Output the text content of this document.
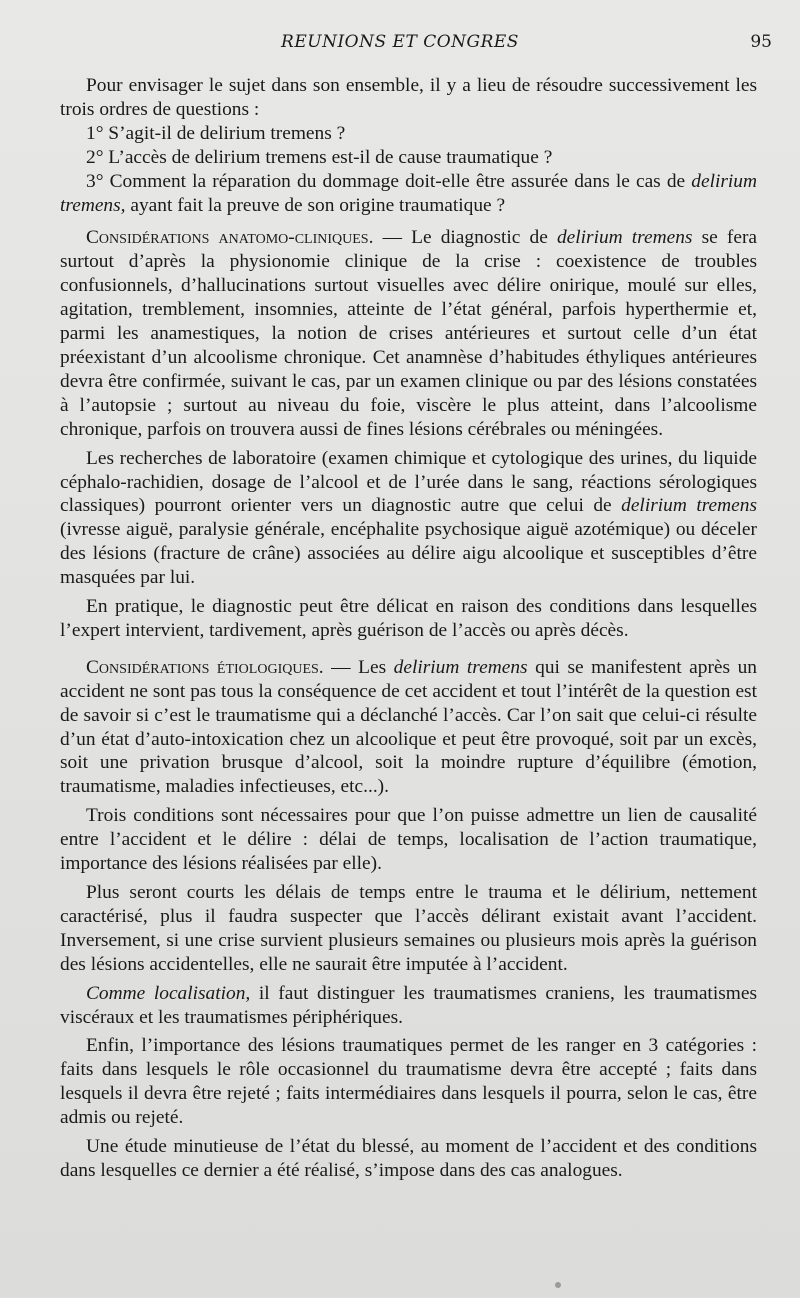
REUNIONS ET CONGRES	95

Pour envisager le sujet dans son ensemble, il y a lieu de résoudre successivement les trois ordres de questions :

1° S’agit-il de delirium tremens ?

2° L’accès de delirium tremens est-il de cause traumatique ?

3° Comment la réparation du dommage doit-elle être assurée dans le cas de delirium tremens, ayant fait la preuve de son origine traumatique ?

Considérations anatomo-cliniques. — Le diagnostic de delirium tremens se fera surtout d’après la physionomie clinique de la crise : coexistence de troubles confusionnels, d’hallucinations surtout visuelles avec délire onirique, moulé sur elles, agitation, tremblement, insomnies, atteinte de l’état général, parfois hyperthermie et, parmi les anamestiques, la notion de crises antérieures et surtout celle d’un état préexistant d’un alcoolisme chronique. Cet anamnèse d’habitudes éthyliques antérieures devra être confirmée, suivant le cas, par un examen clinique ou par des lésions constatées à l’autopsie ; surtout au niveau du foie, viscère le plus atteint, dans l’alcoolisme chronique, parfois on trouvera aussi de fines lésions cérébrales ou méningées.

Les recherches de laboratoire (examen chimique et cytologique des urines, du liquide céphalo-rachidien, dosage de l’alcool et de l’urée dans le sang, réactions sérologiques classiques) pourront orienter vers un diagnostic autre que celui de delirium tremens (ivresse aiguë, paralysie générale, encéphalite psychosique aiguë azotémique) ou déceler des lésions (fracture de crâne) associées au délire aigu alcoolique et susceptibles d’être masquées par lui.

En pratique, le diagnostic peut être délicat en raison des conditions dans lesquelles l’expert intervient, tardivement, après guérison de l’accès ou après décès.

Considérations étiologiques. — Les delirium tremens qui se manifestent après un accident ne sont pas tous la conséquence de cet accident et tout l’intérêt de la question est de savoir si c’est le traumatisme qui a déclanché l’accès. Car l’on sait que celui-ci résulte d’un état d’auto-intoxication chez un alcoolique et peut être provoqué, soit par un excès, soit une privation brusque d’alcool, soit la moindre rupture d’équilibre (émotion, traumatisme, maladies infectieuses, etc...).

Trois conditions sont nécessaires pour que l’on puisse admettre un lien de causalité entre l’accident et le délire : délai de temps, localisation de l’action traumatique, importance des lésions réalisées par elle).

Plus seront courts les délais de temps entre le trauma et le délirium, nettement caractérisé, plus il faudra suspecter que l’accès délirant existait avant l’accident. Inversement, si une crise survient plusieurs semaines ou plusieurs mois après la guérison des lésions accidentelles, elle ne saurait être imputée à l’accident.

Comme localisation, il faut distinguer les traumatismes craniens, les traumatismes viscéraux et les traumatismes périphériques.

Enfin, l’importance des lésions traumatiques permet de les ranger en 3 catégories : faits dans lesquels le rôle occasionnel du traumatisme devra être accepté ; faits dans lesquels il devra être rejeté ; faits intermédiaires dans lesquels il pourra, selon le cas, être admis ou rejeté.

Une étude minutieuse de l’état du blessé, au moment de l’accident et des conditions dans lesquelles ce dernier a été réalisé, s’impose dans des cas analogues.
